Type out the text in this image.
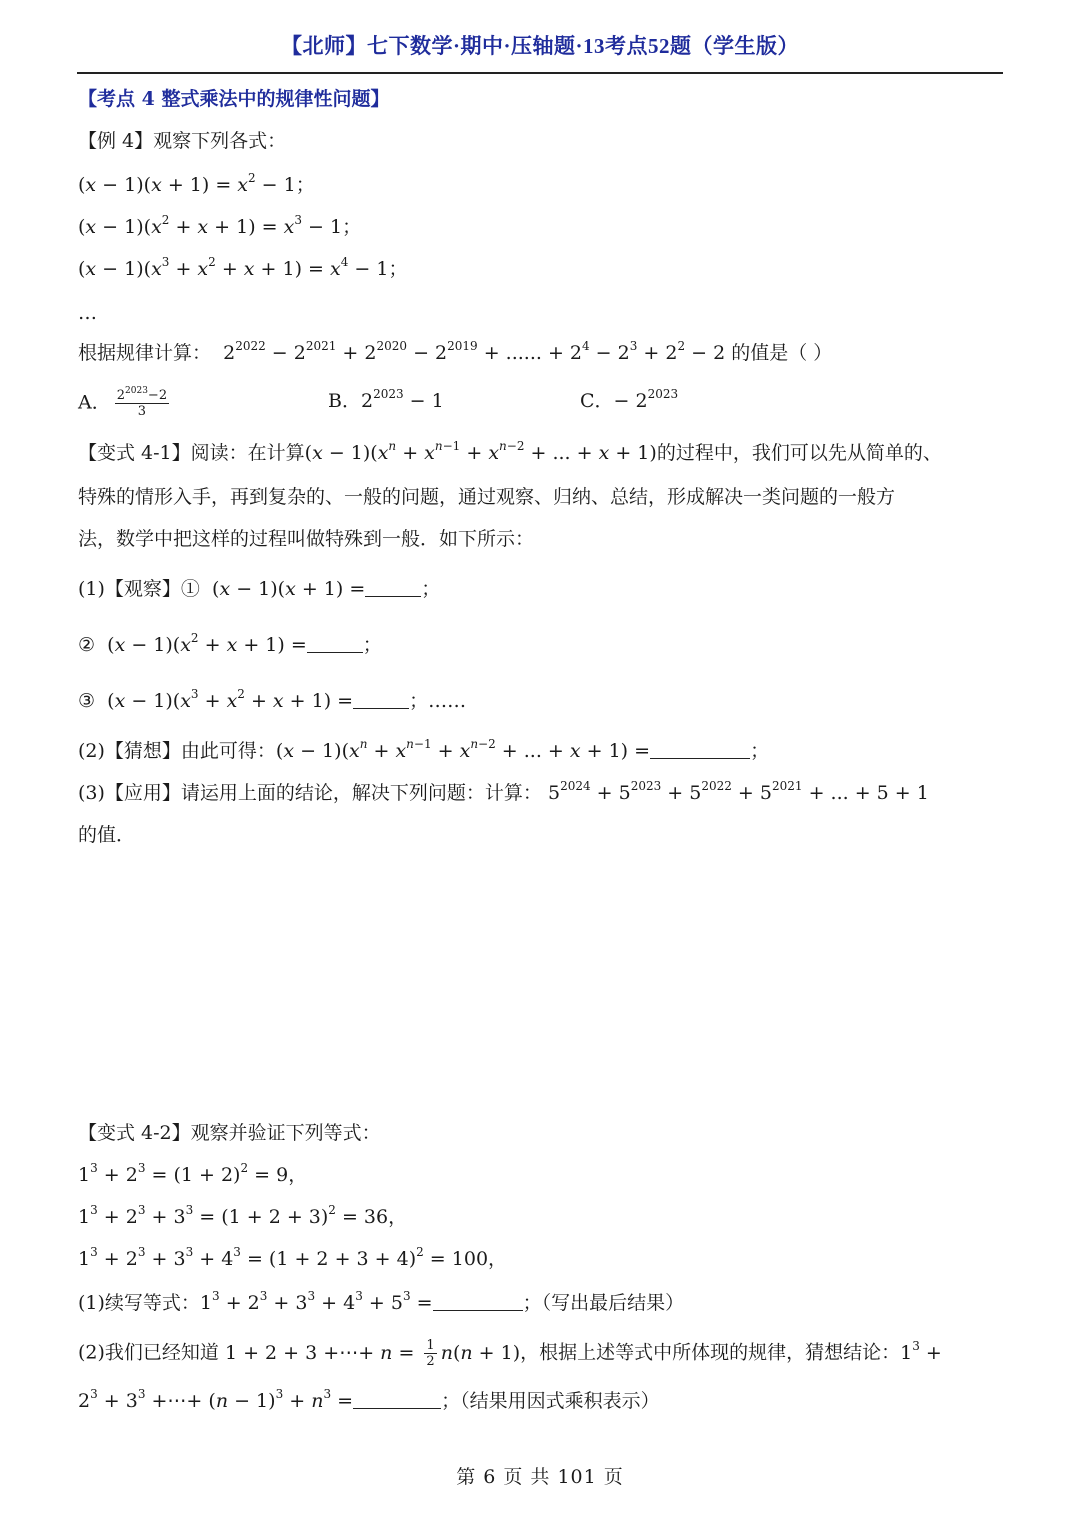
【北师】七下数学·期中·压轴题·13考点52题（学生版）
【考点 4 整式乘法中的规律性问题】
【例 4】观察下列各式：
$(x - 1)(x + 1) = x^2 - 1$；
$(x - 1)(x^2 + x + 1) = x^3 - 1$；
$(x - 1)(x^3 + x^2 + x + 1) = x^4 - 1$；
…
根据规律计算： $2^{2022} - 2^{2021} + 2^{2020} - 2^{2019}$ + ...... + $2^4 - 2^3 + 2^2 - 2$ 的值是（ ）
A． $\frac{2^{2023}-2}{3}$	B．$2^{2023} - 1$	C．− $2^{2023}$
【变式 4-1】阅读：在计算$(x - 1)(x^n + x^{n-1} + x^{n-2}$ + ... + x + 1)的过程中，我们可以先从简单的、
特殊的情形入手，再到复杂的、一般的问题，通过观察、归纳、总结，形成解决一类问题的一般方
法，数学中把这样的过程叫做特殊到一般．如下所示：
(1)【观察】① (x − 1)(x + 1) =	；
② $(x - 1)(x^2 + x + 1)$ =	；
③ $(x - 1)(x^3 + x^2 + x + 1)$ =	；……
(2)【猜想】由此可得：$(x - 1)(x^n + x^{n-1} + x^{n-2}$ + ... + x + 1) =	；
(3)【应用】请运用上面的结论，解决下列问题：计算： $5^{2024} + 5^{2023} + 5^{2022} + 5^{2021}$ + ... + 5 + 1
的值．
【变式 4-2】观察并验证下列等式：
$1^3 + 2^3 = (1 + 2)^2 = 9$，
$1^3 + 2^3 + 3^3 = (1 + 2 + 3)^2 = 36$，
$1^3 + 2^3 + 3^3 + 4^3 = (1 + 2 + 3 + 4)^2 = 100$，
(1)续写等式：$1^3 + 2^3 + 3^3 + 4^3 + 5^3$ =	；（写出最后结果）
(2)我们已经知道 1 + 2 + 3 +⋯+ $n = \frac{1}{2} n(n + 1)$，根据上述等式中所体现的规律，猜想结论：$1^3$ +
$2^3 + 3^3$ +⋯+ $(n - 1)^3 + n^3$ =	；（结果用因式乘积表示）
第 6 页 共 101 页
